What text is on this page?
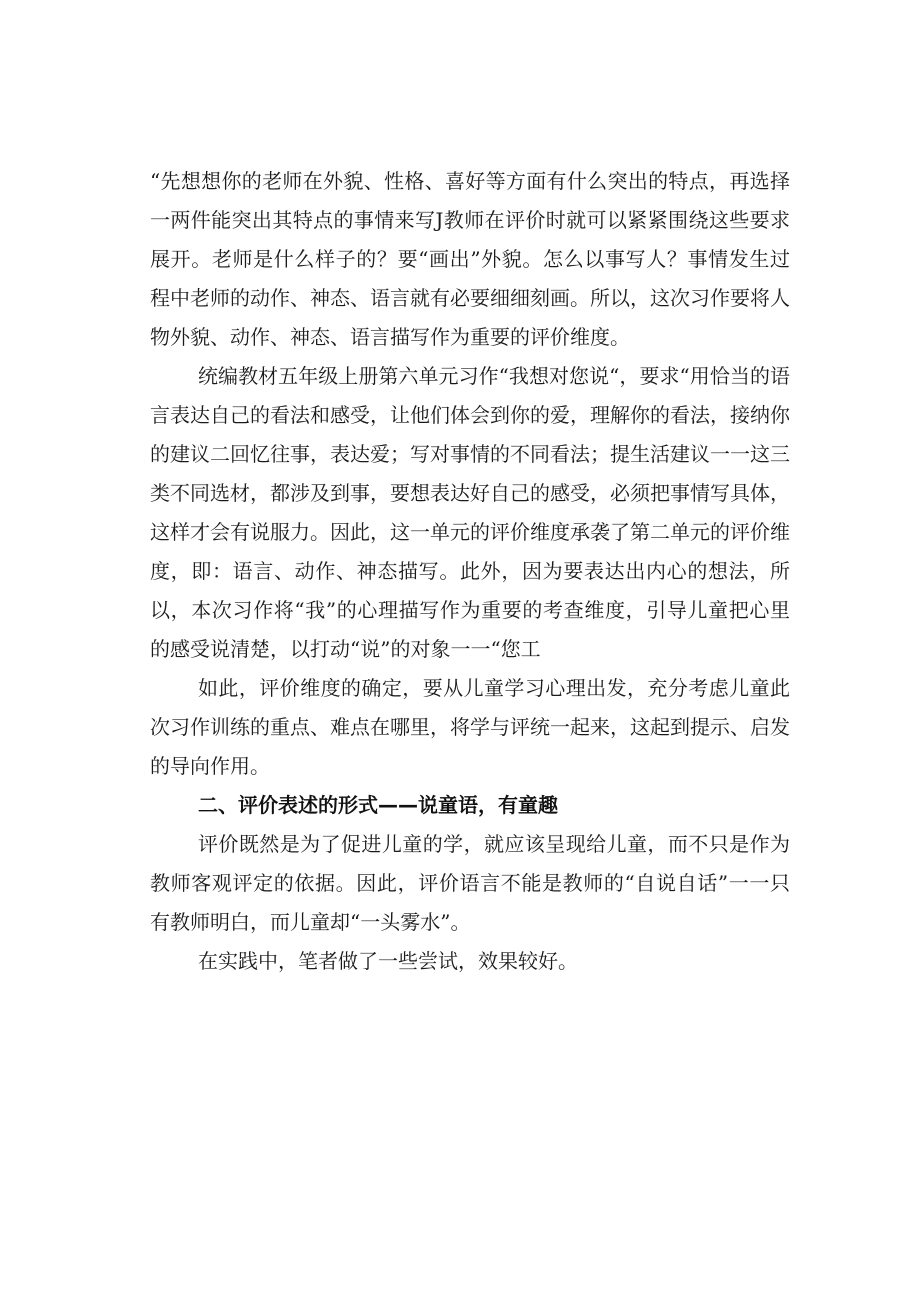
“先想想你的老师在外貌、性格、喜好等方面有什么突出的特点，再选择一两件能突出其特点的事情来写J教师在评价时就可以紧紧围绕这些要求展开。老师是什么样子的？要“画出”外貌。怎么以事写人？事情发生过程中老师的动作、神态、语言就有必要细细刻画。所以，这次习作要将人物外貌、动作、神态、语言描写作为重要的评价维度。

统编教材五年级上册第六单元习作“我想对您说“，要求“用恰当的语言表达自己的看法和感受，让他们体会到你的爱，理解你的看法，接纳你的建议二回忆往事，表达爱；写对事情的不同看法；提生活建议一一这三类不同选材，都涉及到事，要想表达好自己的感受，必须把事情写具体，这样才会有说服力。因此，这一单元的评价维度承袭了第二单元的评价维度，即：语言、动作、神态描写。此外，因为要表达出内心的想法，所以，本次习作将“我”的心理描写作为重要的考查维度，引导儿童把心里的感受说清楚，以打动“说”的对象一一“您工

如此，评价维度的确定，要从儿童学习心理出发，充分考虑儿童此次习作训练的重点、难点在哪里，将学与评统一起来，这起到提示、启发的导向作用。

二、评价表述的形式——说童语，有童趣

评价既然是为了促进儿童的学，就应该呈现给儿童，而不只是作为教师客观评定的依据。因此，评价语言不能是教师的“自说自话”一一只有教师明白，而儿童却“一头雾水”。

在实践中，笔者做了一些尝试，效果较好。
